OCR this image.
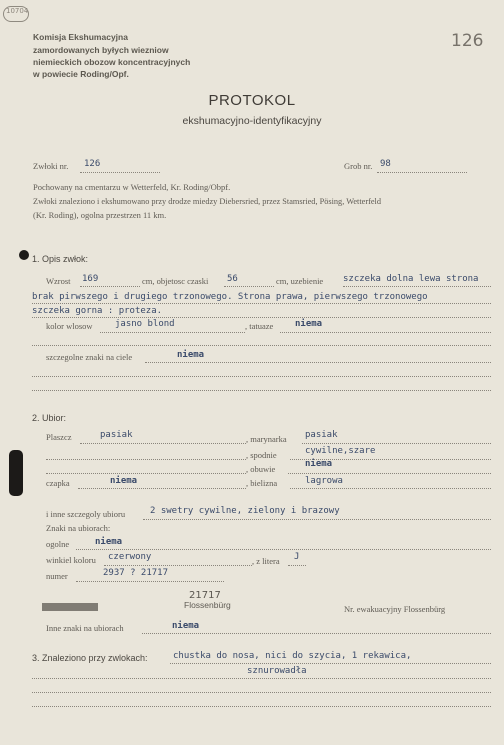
10704
126
Komisja Ekshumacyjna
zamordowanych byłych wiezniow
niemieckich obozow koncentracyjnych
w powiecie Roding/Opf.
PROTOKOL
ekshumacyjno-identyfikacyjny
Zwłoki nr. 126	Grob nr. 98
Pochowany na cmentarzu w Wetterfeld, Kr. Roding/Obpf.
Zwłoki znaleziono i ekshumowano przy drodze miedzy Diebersried, przez Stamsried, Pösing, Wetterfeld
(Kr. Roding), ogolna przestrzen 11 km.
1. Opis zwłok:
Wzrost 169	cm, objetosc czaski 56	cm, uzebienie szczeka dolna lewa strona
brak pirwszego i drugiego trzonowego. Strona prawa, pierwszego trzonowego
szczeka gorna : proteza.
kolor wlosow jasno blond	, tatuaze niema
szczegolne znaki na ciele	niema
2. Ubior:
Plaszcz	pasiak	, marynarka pasiak
, spodnie	cywilne,szare
, obuwie	niema
czapka	niema	, bielizna	lagrowa
i inne szczegoly ubioru	2 swetry cywilne, zielony i brazowy
Znaki na ubiorach:
ogolne	niema
winkiel koloru czerwony	, z litera J
numer	2937 ? 21717
21717
Flossenbürg	Nr. ewakuacyjny Flossenbürg
Inne znaki na ubiorach	niema
3. Znaleziono przy zwlokach:	chustka do nosa, nici do szycia, 1 rekawica,
sznurowadła
